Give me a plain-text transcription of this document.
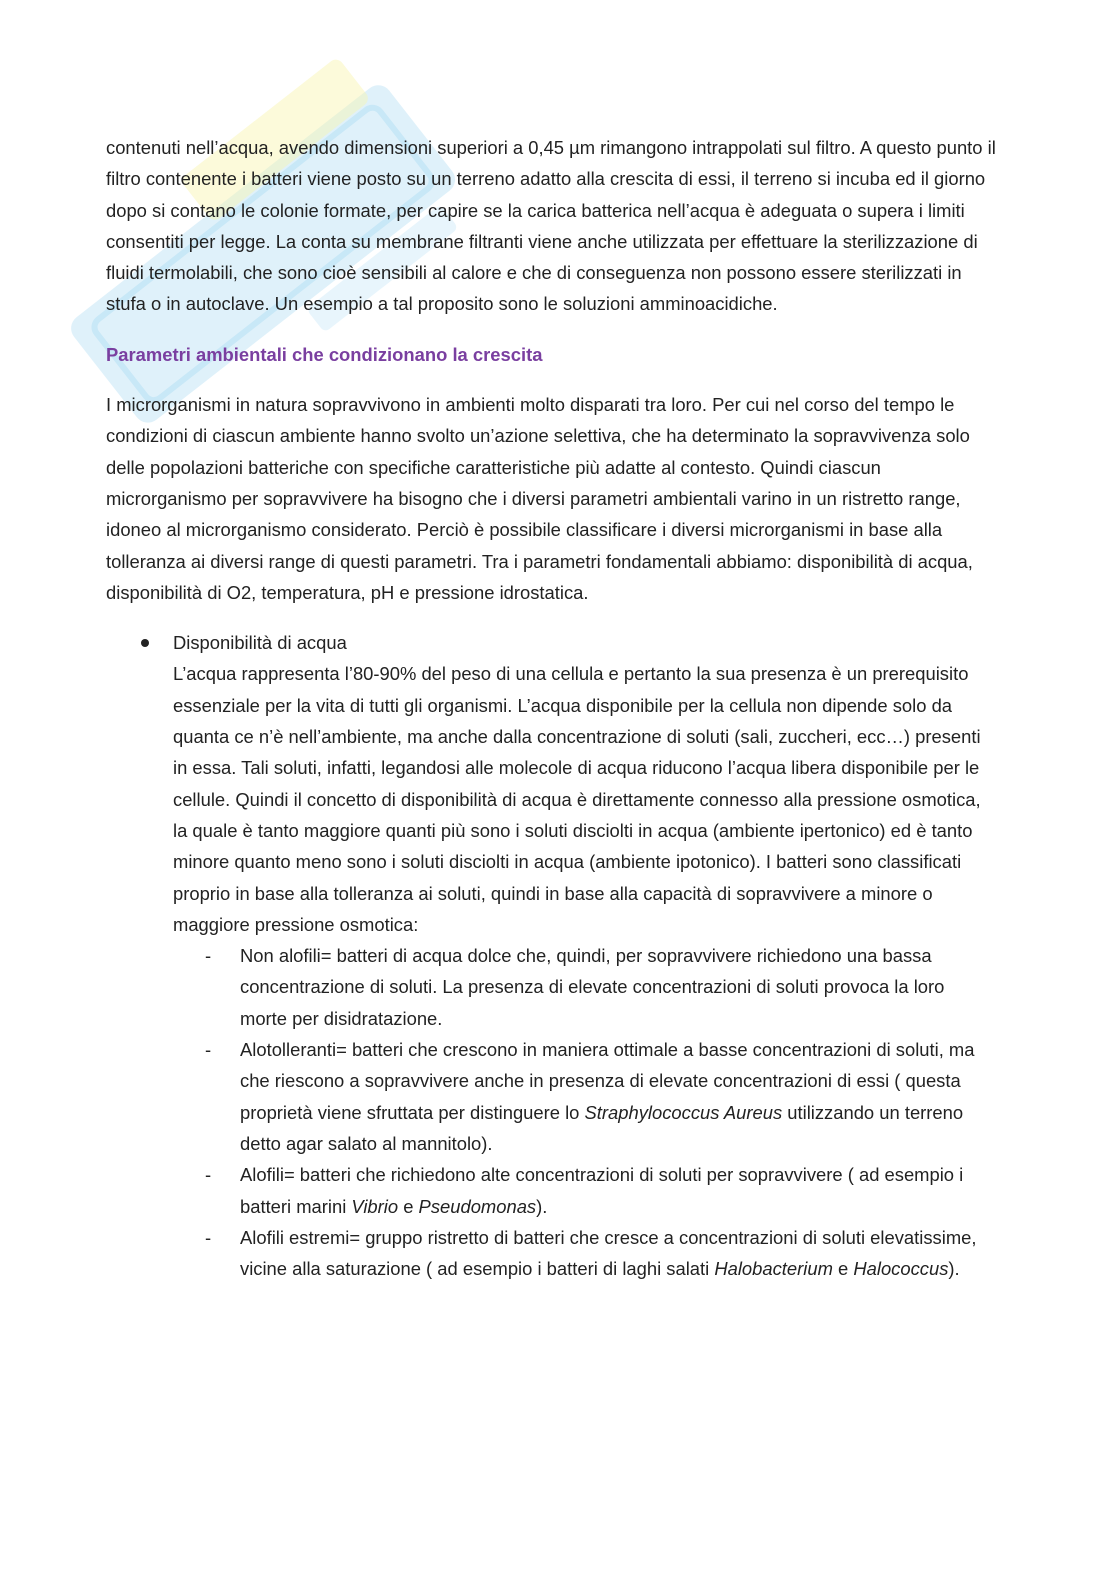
contenuti nell’acqua, avendo dimensioni superiori a 0,45 µm rimangono intrappolati sul filtro. A questo punto il filtro contenente i batteri viene posto su un terreno adatto alla crescita di essi, il terreno si incuba ed il giorno dopo si contano le colonie formate, per capire se la carica batterica nell’acqua è adeguata o supera i limiti consentiti per legge. La conta su membrane filtranti viene anche utilizzata per effettuare la sterilizzazione di fluidi termolabili, che sono cioè sensibili al calore e che di conseguenza non possono essere sterilizzati in stufa o in autoclave. Un esempio a tal proposito sono le soluzioni amminoacidiche.

Parametri ambientali che condizionano la crescita

I microrganismi in natura sopravvivono in ambienti molto disparati tra loro. Per cui nel corso del tempo le condizioni di ciascun ambiente hanno svolto un’azione selettiva, che ha determinato la sopravvivenza solo delle popolazioni batteriche con specifiche caratteristiche più adatte al contesto. Quindi ciascun microrganismo per sopravvivere ha bisogno che i diversi parametri ambientali varino in un ristretto range, idoneo al microrganismo considerato. Perciò è possibile classificare i diversi microrganismi in base alla tolleranza ai diversi range di questi parametri. Tra i parametri fondamentali abbiamo: disponibilità di acqua, disponibilità di O2, temperatura, pH e pressione idrostatica.

Disponibilità di acqua

L’acqua rappresenta l’80-90% del peso di una cellula e pertanto la sua presenza è un prerequisito essenziale per la vita di tutti gli organismi. L’acqua disponibile per la cellula non dipende solo da quanta ce n’è nell’ambiente, ma anche dalla concentrazione di soluti (sali, zuccheri, ecc…) presenti in essa. Tali soluti, infatti, legandosi alle molecole di acqua riducono l’acqua libera disponibile per le cellule. Quindi il concetto di disponibilità di acqua è direttamente connesso alla pressione osmotica, la quale è tanto maggiore quanti più sono i soluti disciolti in acqua (ambiente ipertonico) ed è tanto minore quanto meno sono i soluti disciolti in acqua (ambiente ipotonico). I batteri sono classificati proprio in base alla tolleranza ai soluti, quindi in base alla capacità di sopravvivere a minore o maggiore pressione osmotica:

- Non alofili= batteri di acqua dolce che, quindi, per sopravvivere richiedono una bassa concentrazione di soluti. La presenza di elevate concentrazioni di soluti provoca la loro morte per disidratazione.

- Alotolleranti= batteri che crescono in maniera ottimale a basse concentrazioni di soluti, ma che riescono a sopravvivere anche in presenza di elevate concentrazioni di essi ( questa proprietà viene sfruttata per distinguere lo Straphylococcus Aureus utilizzando un terreno detto agar salato al mannitolo).

- Alofili= batteri che richiedono alte concentrazioni di soluti per sopravvivere ( ad esempio i batteri marini Vibrio e Pseudomonas).

- Alofili estremi= gruppo ristretto di batteri che cresce a concentrazioni di soluti elevatissime, vicine alla saturazione ( ad esempio i batteri di laghi salati Halobacterium e Halococcus).
